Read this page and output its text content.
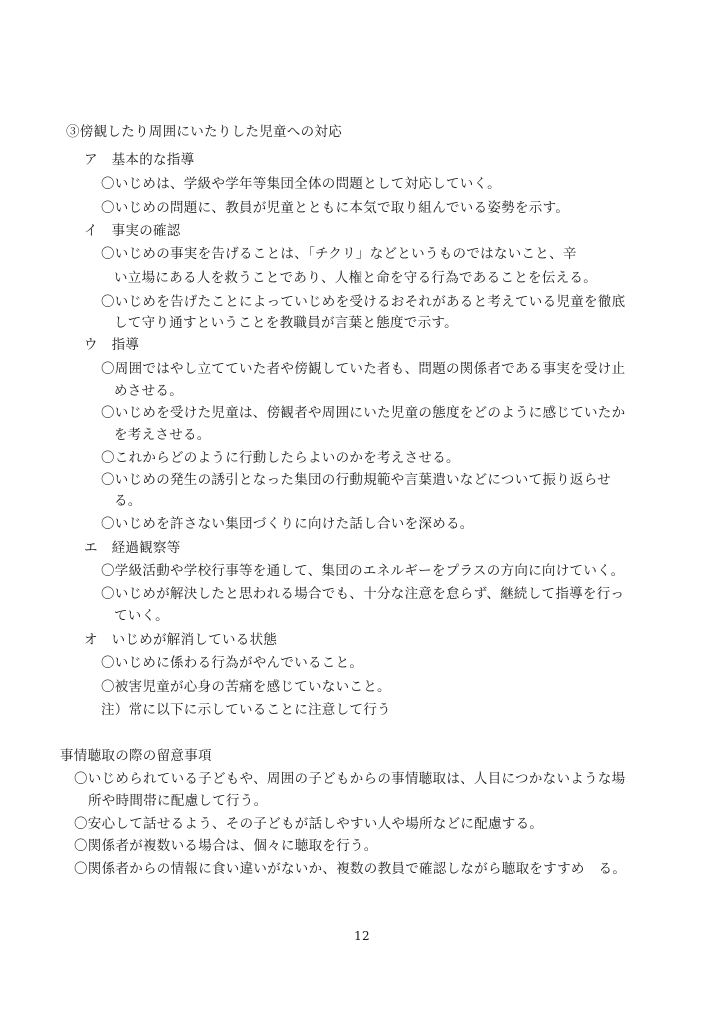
③傍観したり周囲にいたりした児童への対応
ア　基本的な指導
〇いじめは、学級や学年等集団全体の問題として対応していく。
〇いじめの問題に、教員が児童とともに本気で取り組んでいる姿勢を示す。
イ　事実の確認
〇いじめの事実を告げることは、「チクリ」などというものではないこと、辛
い立場にある人を救うことであり、人権と命を守る行為であることを伝える。
〇いじめを告げたことによっていじめを受けるおそれがあると考えている児童を徹底
して守り通すということを教職員が言葉と態度で示す。
ウ　指導
〇周囲ではやし立てていた者や傍観していた者も、問題の関係者である事実を受け止
めさせる。
〇いじめを受けた児童は、傍観者や周囲にいた児童の態度をどのように感じていたか
を考えさせる。
〇これからどのように行動したらよいのかを考えさせる。
〇いじめの発生の誘引となった集団の行動規範や言葉遣いなどについて振り返らせ
る。
〇いじめを許さない集団づくりに向けた話し合いを深める。
エ　経過観察等
〇学級活動や学校行事等を通して、集団のエネルギーをプラスの方向に向けていく。
〇いじめが解決したと思われる場合でも、十分な注意を怠らず、継続して指導を行っ
ていく。
オ　いじめが解消している状態
〇いじめに係わる行為がやんでいること。
〇被害児童が心身の苦痛を感じていないこと。
注）常に以下に示していることに注意して行う
事情聴取の際の留意事項
〇いじめられている子どもや、周囲の子どもからの事情聴取は、人目につかないような場
所や時間帯に配慮して行う。
〇安心して話せるよう、その子どもが話しやすい人や場所などに配慮する。
〇関係者が複数いる場合は、個々に聴取を行う。
〇関係者からの情報に食い違いがないか、複数の教員で確認しながら聴取をすすめ　る。
12
